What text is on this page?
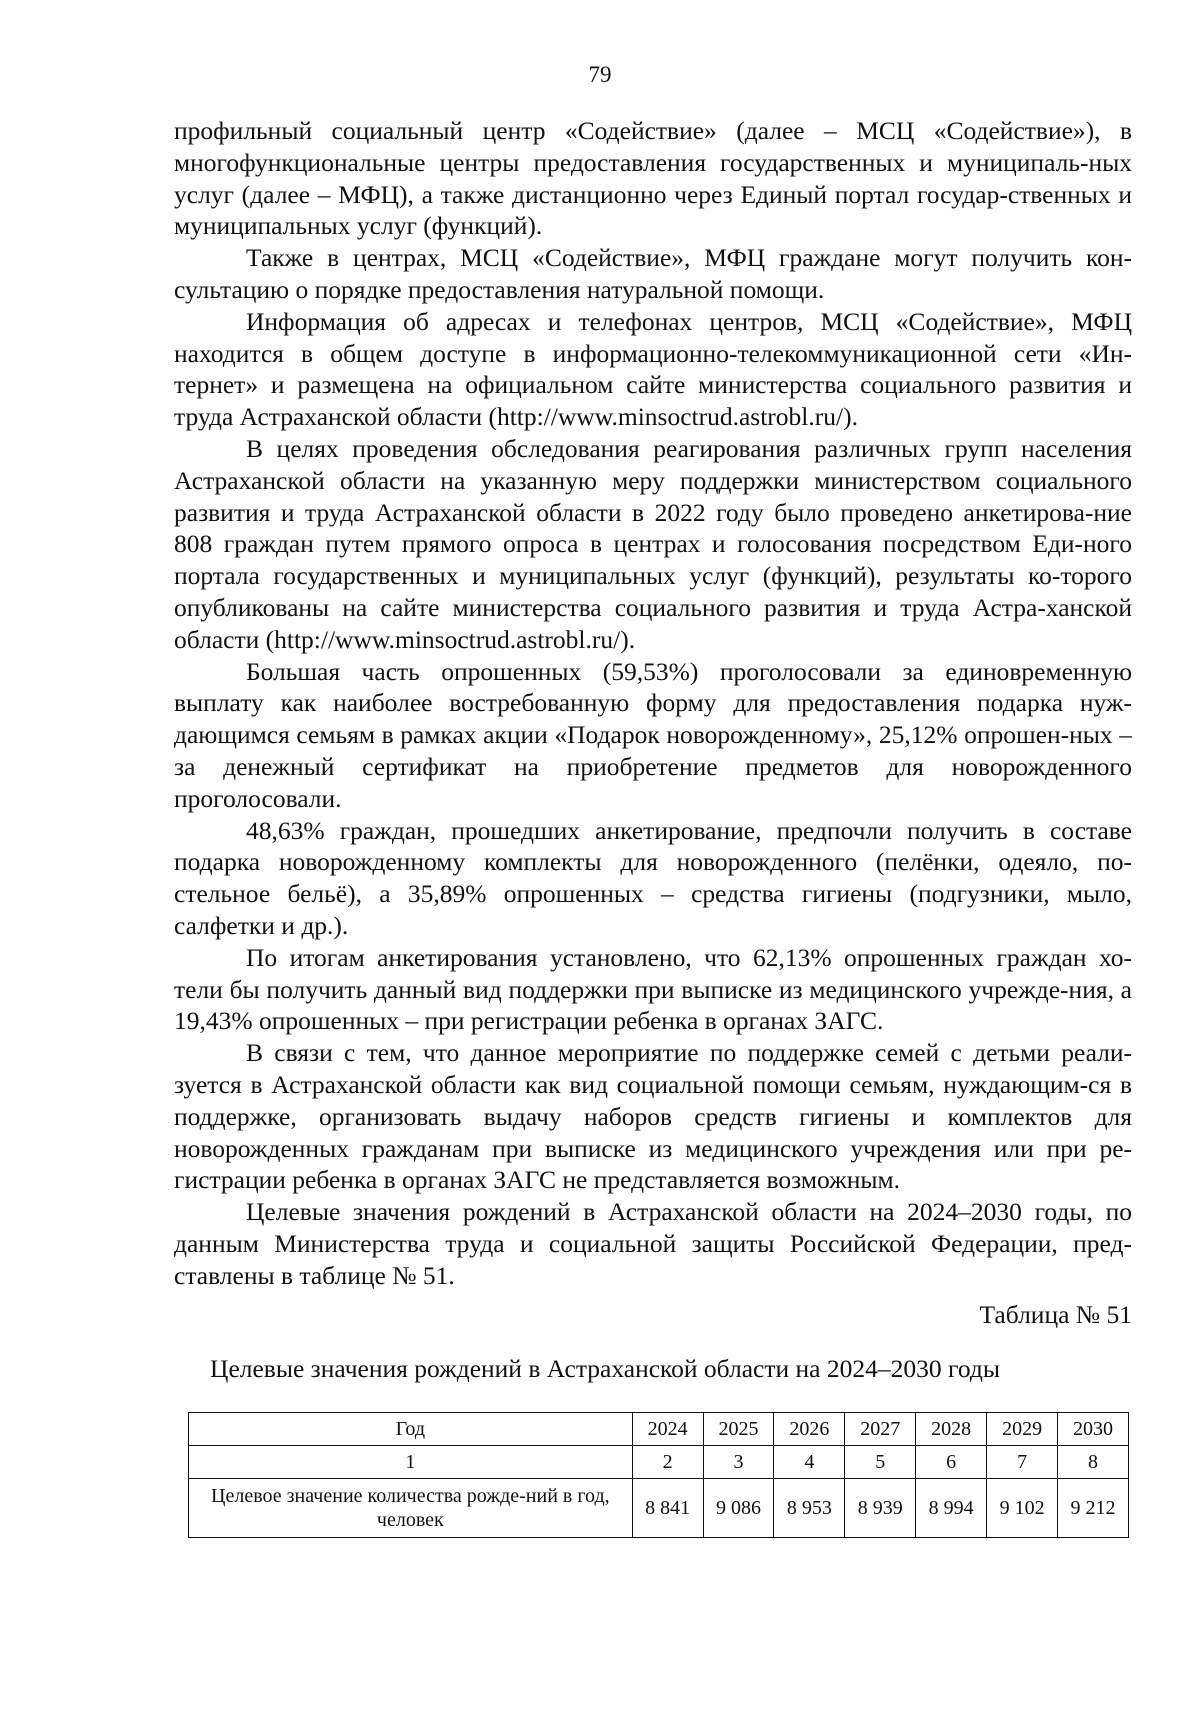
79

профильный социальный центр «Содействие» (далее – МСЦ «Содействие»), в многофункциональные центры предоставления государственных и муниципаль-ных услуг (далее – МФЦ), а также дистанционно через Единый портал государ-ственных и муниципальных услуг (функций).

Также в центрах, МСЦ «Содействие», МФЦ граждане могут получить кон-сультацию о порядке предоставления натуральной помощи.

Информация об адресах и телефонах центров, МСЦ «Содействие», МФЦ находится в общем доступе в информационно-телекоммуникационной сети «Ин-тернет» и размещена на официальном сайте министерства социального развития и труда Астраханской области (http://www.minsoctrud.astrobl.ru/).

В целях проведения обследования реагирования различных групп населения Астраханской области на указанную меру поддержки министерством социального развития и труда Астраханской области в 2022 году было проведено анкетирова-ние 808 граждан путем прямого опроса в центрах и голосования посредством Еди-ного портала государственных и муниципальных услуг (функций), результаты ко-торого опубликованы на сайте министерства социального развития и труда Астра-ханской области (http://www.minsoctrud.astrobl.ru/).

Большая часть опрошенных (59,53%) проголосовали за единовременную выплату как наиболее востребованную форму для предоставления подарка нуж-дающимся семьям в рамках акции «Подарок новорожденному», 25,12% опрошен-ных – за денежный сертификат на приобретение предметов для новорожденного проголосовали.

48,63% граждан, прошедших анкетирование, предпочли получить в составе подарка новорожденному комплекты для новорожденного (пелёнки, одеяло, по-стельное бельё), а 35,89% опрошенных – средства гигиены (подгузники, мыло, салфетки и др.).

По итогам анкетирования установлено, что 62,13% опрошенных граждан хо-тели бы получить данный вид поддержки при выписке из медицинского учрежде-ния, а 19,43% опрошенных – при регистрации ребенка в органах ЗАГС.

В связи с тем, что данное мероприятие по поддержке семей с детьми реали-зуется в Астраханской области как вид социальной помощи семьям, нуждающим-ся в поддержке, организовать выдачу наборов средств гигиены и комплектов для новорожденных гражданам при выписке из медицинского учреждения или при ре-гистрации ребенка в органах ЗАГС не представляется возможным.

Целевые значения рождений в Астраханской области на 2024–2030 годы, по данным Министерства труда и социальной защиты Российской Федерации, пред-ставлены в таблице № 51.

Таблица № 51
Целевые значения рождений в Астраханской области на 2024–2030 годы
Год	2024	2025	2026	2027	2028	2029	2030
1	2	3	4	5	6	7	8
Целевое значение количества рожде-ний в год, человек	8 841	9 086	8 953	8 939	8 994	9 102	9 212
